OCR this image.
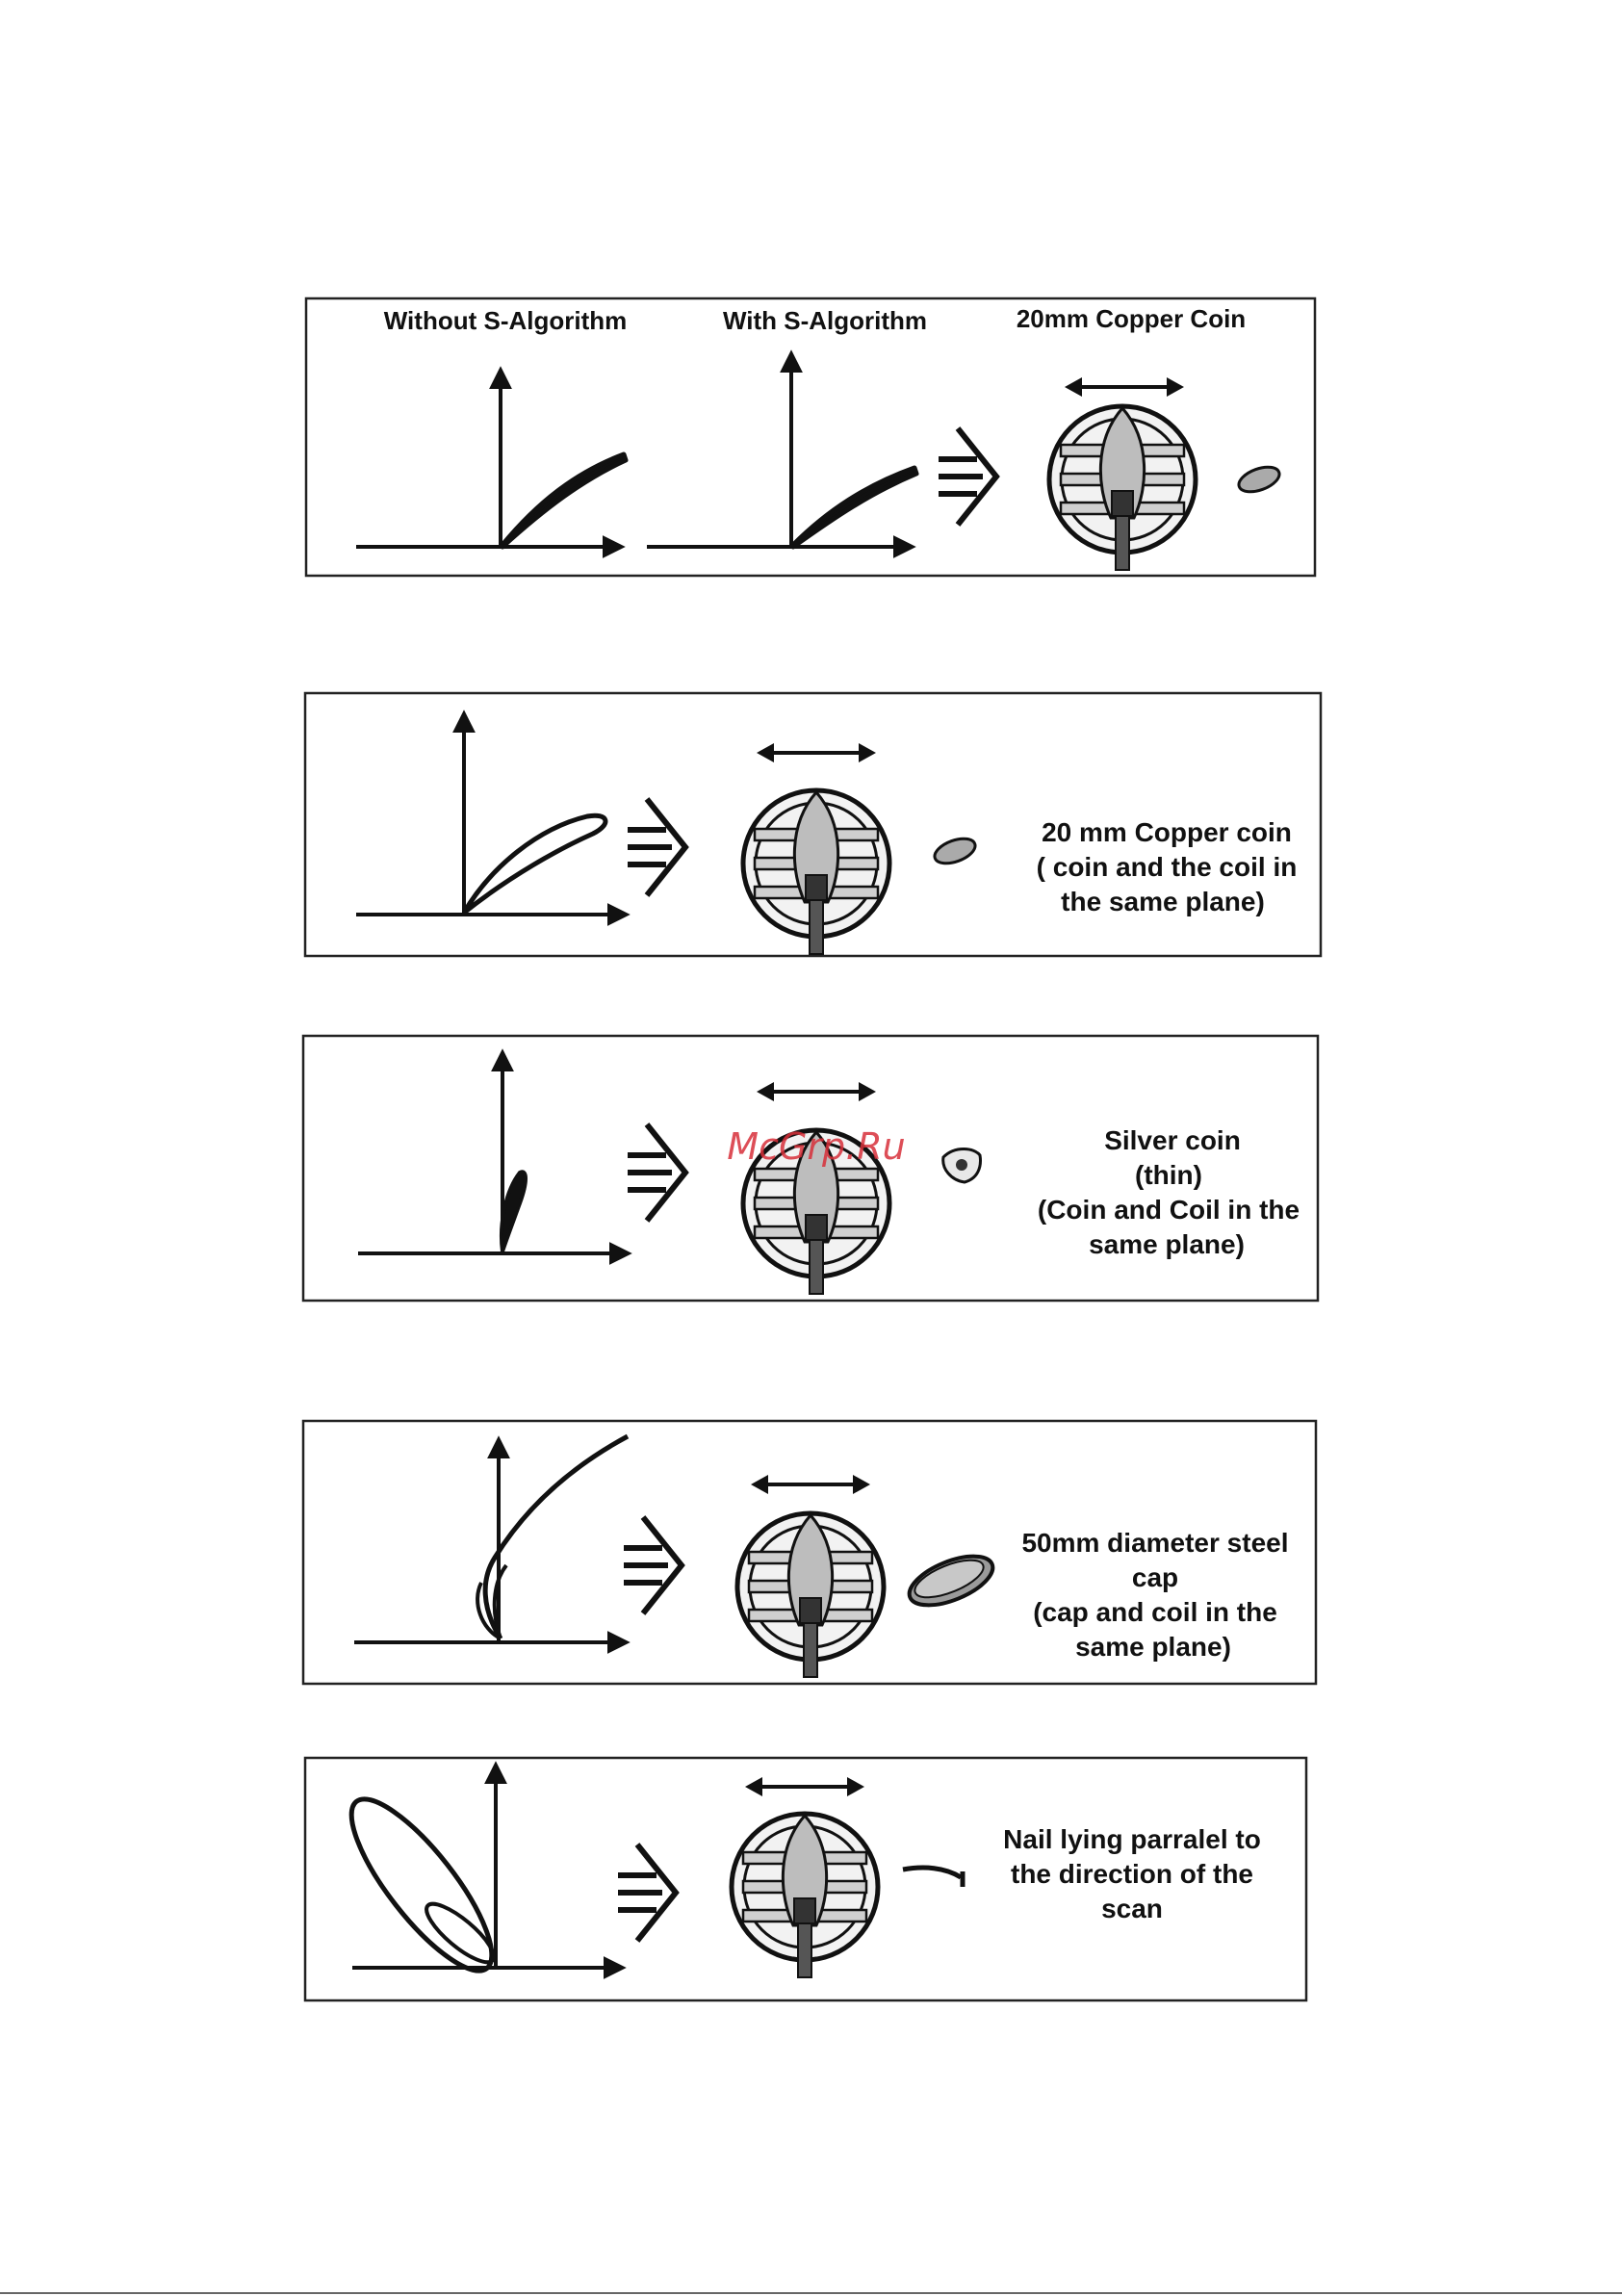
Without S-Algorithm	With S-Algorithm	20mm Copper Coin
20 mm Copper coin
( coin and the coil in
the same plane)
McGrp.Ru	Silver coin
(thin)
(Coin and Coil in the
same plane)
50mm diameter steel
cap
(cap and coil in the
same plane)
Nail lying parralel to
the direction of the
scan
